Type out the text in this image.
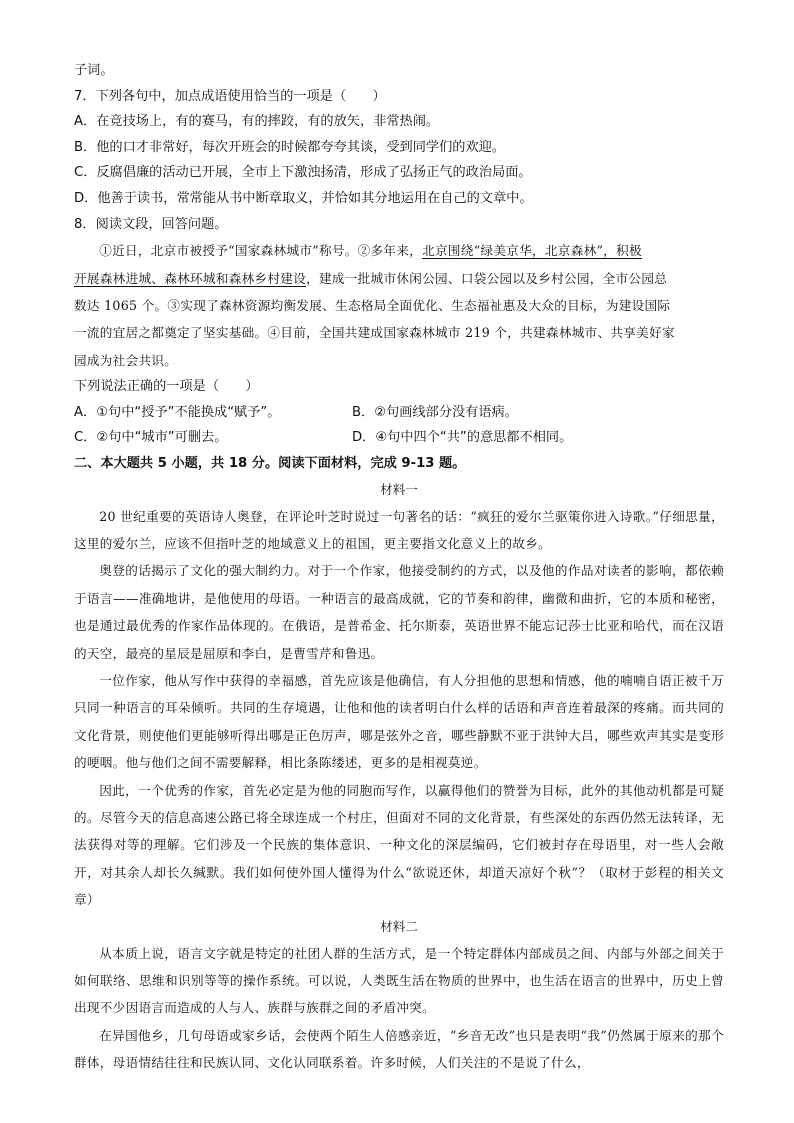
子词。

7．下列各句中，加点成语使用恰当的一项是（　　）

A．在竞技场上，有的赛马，有的摔跤，有的放矢，非常热闹。

B．他的口才非常好，每次开班会的时候都夸夸其谈，受到同学们的欢迎。

C．反腐倡廉的活动已开展，全市上下激浊扬清，形成了弘扬正气的政治局面。

D．他善于读书，常常能从书中断章取义，并恰如其分地运用在自己的文章中。

8．阅读文段，回答问题。

①近日，北京市被授予“国家森林城市”称号。②多年来，北京围绕“绿美京华，北京森林”，积极

开展森林进城、森林环城和森林乡村建设，建成一批城市休闲公园、口袋公园以及乡村公园，全市公园总

数达 1065 个。③实现了森林资源均衡发展、生态格局全面优化、生态福祉惠及大众的目标，为建设国际

一流的宜居之都奠定了坚实基础。④目前，全国共建成国家森林城市 219 个，共建森林城市、共享美好家

园成为社会共识。

下列说法正确的一项是（　　）

A．①句中“授予”不能换成“赋予”。	B．②句画线部分没有语病。
C．②句中“城市”可删去。	D．④句中四个“共”的意思都不相同。

二、本大题共 5 小题，共 18 分。阅读下面材料，完成 9-13 题。

材料一

20 世纪重要的英语诗人奥登，在评论叶芝时说过一句著名的话：“疯狂的爱尔兰驱策你进入诗歌。”仔细思量，这里的爱尔兰，应该不但指叶芝的地域意义上的祖国，更主要指文化意义上的故乡。

奥登的话揭示了文化的强大制约力。对于一个作家，他接受制约的方式，以及他的作品对读者的影响，都依赖于语言——准确地讲，是他使用的母语。一种语言的最高成就，它的节奏和韵律，幽微和曲折，它的本质和秘密，也是通过最优秀的作家作品体现的。在俄语，是普希金、托尔斯泰，英语世界不能忘记莎士比亚和哈代，而在汉语的天空，最亮的星辰是屈原和李白，是曹雪芹和鲁迅。

一位作家，他从写作中获得的幸福感，首先应该是他确信，有人分担他的思想和情感，他的喃喃自语正被千万只同一种语言的耳朵倾听。共同的生存境遇，让他和他的读者明白什么样的话语和声音连着最深的疼痛。而共同的文化背景，则使他们更能够听得出哪是正色厉声，哪是弦外之音，哪些静默不亚于洪钟大吕，哪些欢声其实是变形的哽咽。他与他们之间不需要解释，相比条陈缕述，更多的是相视莫逆。

因此，一个优秀的作家，首先必定是为他的同胞而写作，以赢得他们的赞誉为目标，此外的其他动机都是可疑的。尽管今天的信息高速公路已将全球连成一个村庄，但面对不同的文化背景，有些深处的东西仍然无法转译，无法获得对等的理解。它们涉及一个民族的集体意识、一种文化的深层编码，它们被封存在母语里，对一些人会敞开，对其余人却长久缄默。我们如何使外国人懂得为什么“欲说还休，却道天凉好个秋”？（取材于彭程的相关文章）

材料二

从本质上说，语言文字就是特定的社团人群的生活方式，是一个特定群体内部成员之间、内部与外部之间关于如何联络、思维和识别等等的操作系统。可以说，人类既生活在物质的世界中，也生活在语言的世界中，历史上曾出现不少因语言而造成的人与人、族群与族群之间的矛盾冲突。

在异国他乡，几句母语或家乡话，会使两个陌生人倍感亲近，“乡音无改”也只是表明“我”仍然属于原来的那个群体，母语情结往往和民族认同、文化认同联系着。许多时候，人们关注的不是说了什么，
